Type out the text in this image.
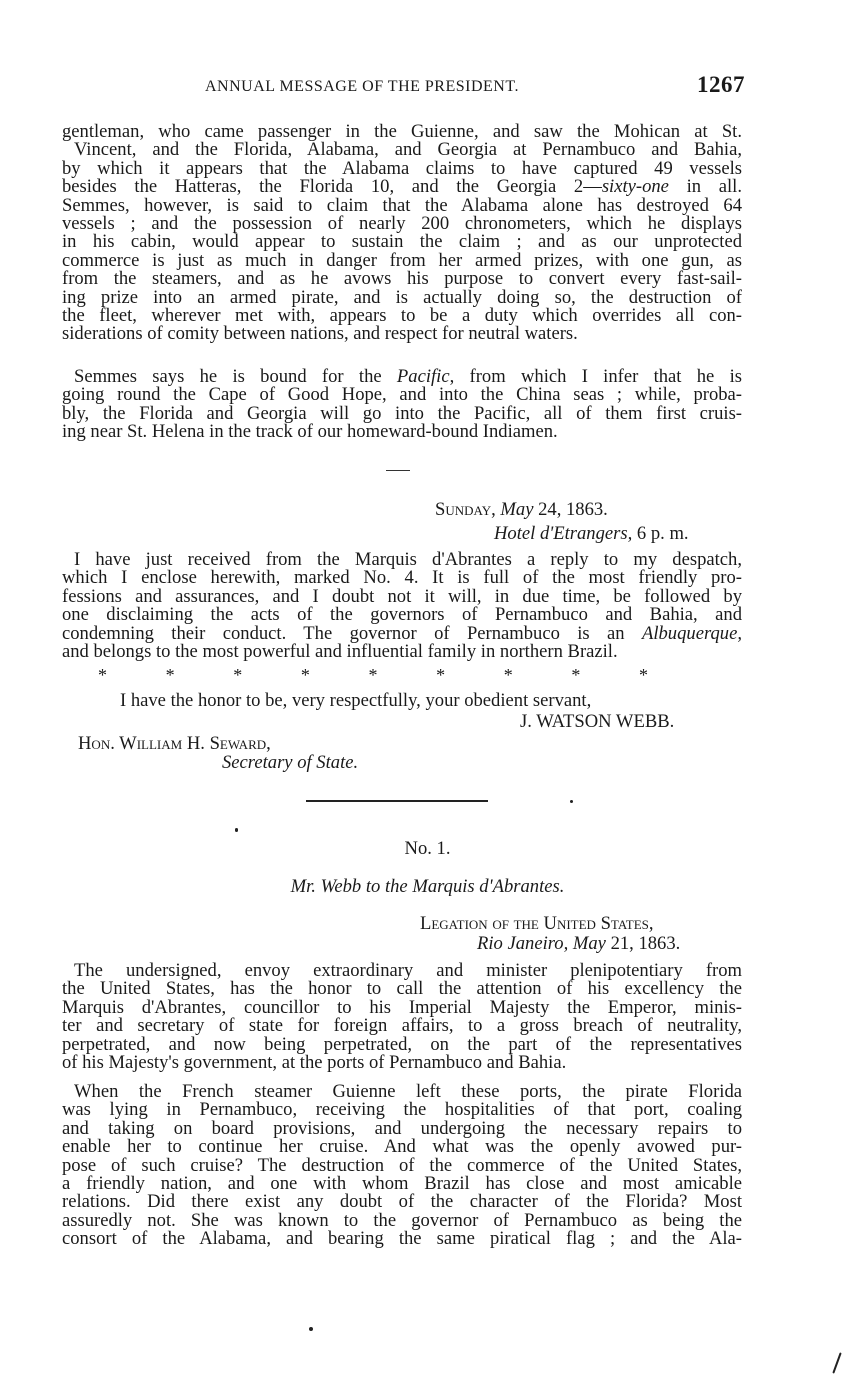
ANNUAL MESSAGE OF THE PRESIDENT.	1267
gentleman, who came passenger in the Guienne, and saw the Mohican at St.
Vincent, and the Florida, Alabama, and Georgia at Pernambuco and Bahia,
by which it appears that the Alabama claims to have captured 49 vessels
besides the Hatteras, the Florida 10, and the Georgia 2—sixty-one in all.
Semmes, however, is said to claim that the Alabama alone has destroyed 64
vessels ; and the possession of nearly 200 chronometers, which he displays
in his cabin, would appear to sustain the claim ; and as our unprotected
commerce is just as much in danger from her armed prizes, with one gun, as
from the steamers, and as he avows his purpose to convert every fast-sail-
ing prize into an armed pirate, and is actually doing so, the destruction of
the fleet, wherever met with, appears to be a duty which overrides all con-
siderations of comity between nations, and respect for neutral waters.
Semmes says he is bound for the Pacific, from which I infer that he is
going round the Cape of Good Hope, and into the China seas ; while, proba-
bly, the Florida and Georgia will go into the Pacific, all of them first cruis-
ing near St. Helena in the track of our homeward-bound Indiamen.
Sunday, May 24, 1863.
Hotel d'Etrangers, 6 p. m.
I have just received from the Marquis d'Abrantes a reply to my despatch,
which I enclose herewith, marked No. 4. It is full of the most friendly pro-
fessions and assurances, and I doubt not it will, in due time, be followed by
one disclaiming the acts of the governors of Pernambuco and Bahia, and
condemning their conduct. The governor of Pernambuco is an Albuquerque,
and belongs to the most powerful and influential family in northern Brazil.
*	*	*	*	*	*	*	*	*
I have the honor to be, very respectfully, your obedient servant,
J. WATSON WEBB.
Hon. William H. Seward,
Secretary of State.
No. 1.
Mr. Webb to the Marquis d'Abrantes.
Legation of the United States,
Rio Janeiro, May 21, 1863.
The undersigned, envoy extraordinary and minister plenipotentiary from
the United States, has the honor to call the attention of his excellency the
Marquis d'Abrantes, councillor to his Imperial Majesty the Emperor, minis-
ter and secretary of state for foreign affairs, to a gross breach of neutrality,
perpetrated, and now being perpetrated, on the part of the representatives
of his Majesty's government, at the ports of Pernambuco and Bahia.
When the French steamer Guienne left these ports, the pirate Florida
was lying in Pernambuco, receiving the hospitalities of that port, coaling
and taking on board provisions, and undergoing the necessary repairs to
enable her to continue her cruise. And what was the openly avowed pur-
pose of such cruise? The destruction of the commerce of the United States,
a friendly nation, and one with whom Brazil has close and most amicable
relations. Did there exist any doubt of the character of the Florida? Most
assuredly not. She was known to the governor of Pernambuco as being the
consort of the Alabama, and bearing the same piratical flag ; and the Ala-
